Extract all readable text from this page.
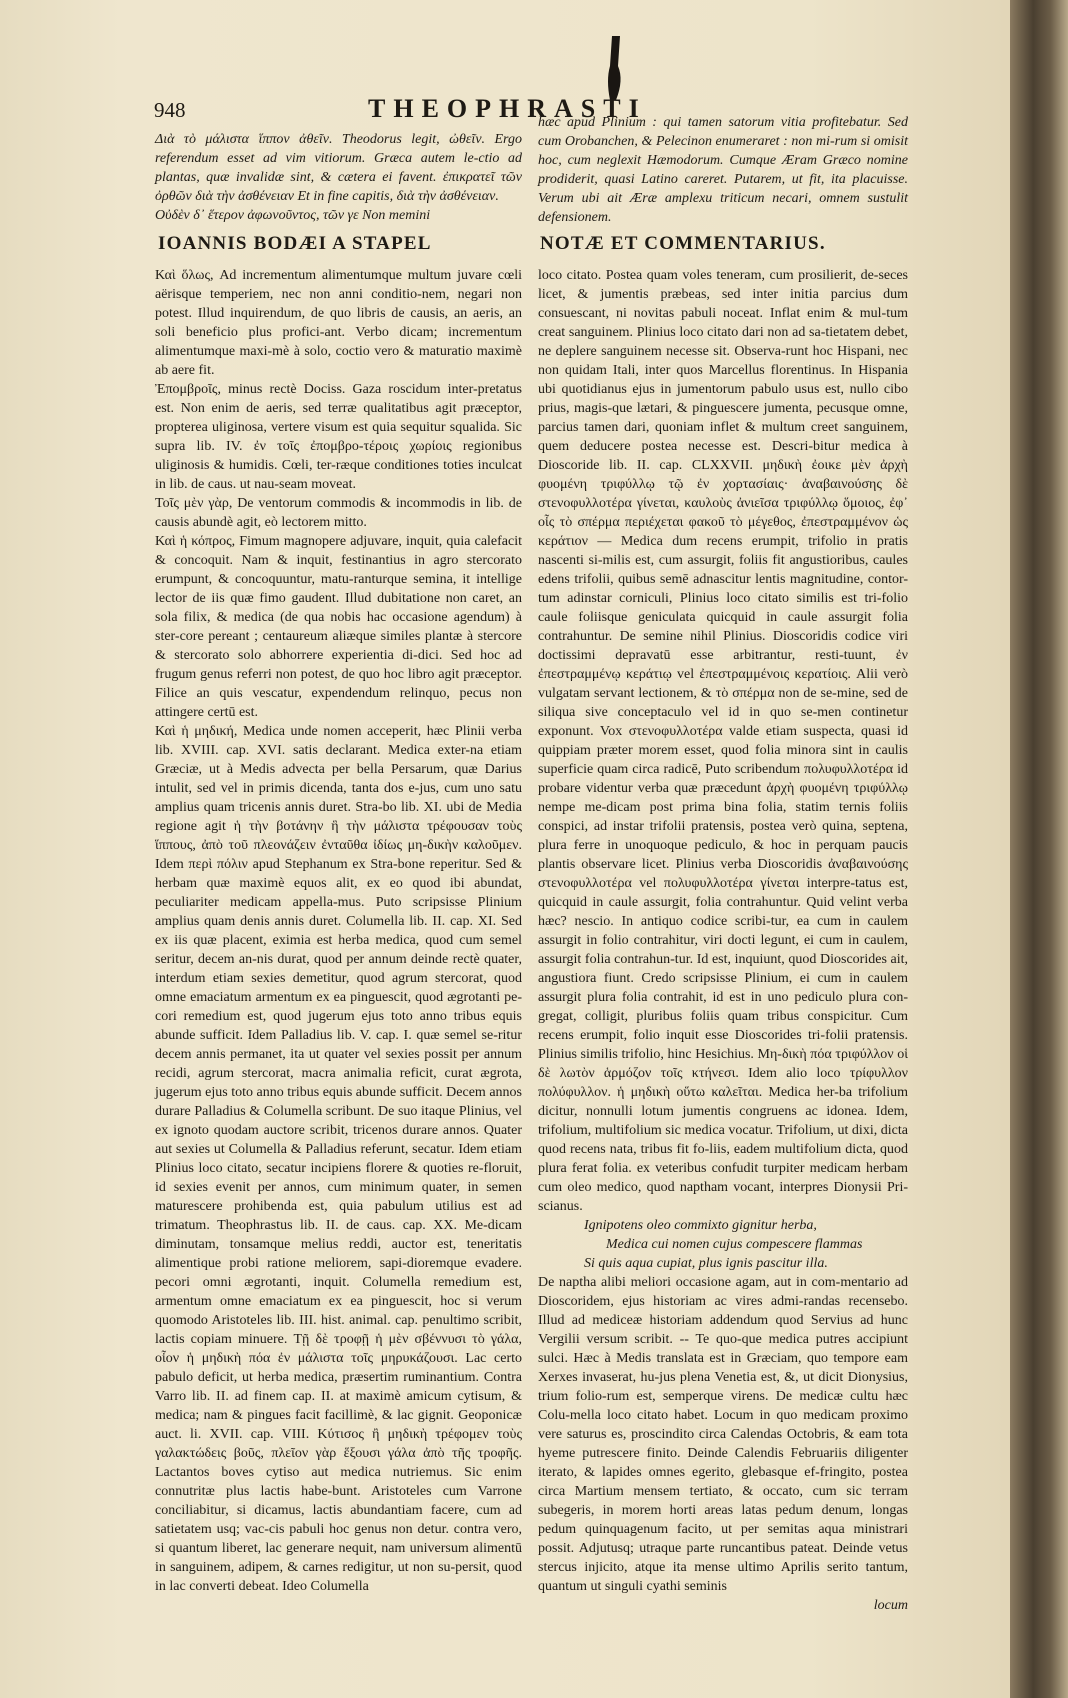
948	THEOPHRASTI

Διὰ τὸ μάλιστα ἵππον ἀθεῖν. Theodorus legit, ὠθεῖν. Ergo referendum esset ad vim vitiorum. Græca autem le-ctio ad plantas, quæ invalidæ sint, & cætera ei favent. ἐπικρατεῖ τῶν ὀρθῶν διὰ τὴν ἀσθένειαν Et in fine capitis, διὰ τὴν ἀσθένειαν.

Οὐδὲν δ᾽ ἕτερον ἀφωνοῦντος, τῶν γε Non memini

hæc apud Plinium : qui tamen satorum vitia profitebatur. Sed cum Orobanchen, & Pelecinon enumeraret : non mi-rum si omisit hoc, cum neglexit Hæmodorum. Cumque Æram Græco nomine prodiderit, quasi Latino careret. Putarem, ut fit, ita placuisse. Verum ubi ait Æræ amplexu triticum necari, omnem sustulit defensionem.

IOANNIS BODÆI A STAPEL	NOTÆ ET COMMENTARIUS.

Καὶ ὅλως, Ad incrementum alimentumque multum juvare cœli aërisque temperiem, nec non anni conditio-nem, negari non potest. Illud inquirendum, de quo libris de causis, an aeris, an soli beneficio plus profici-ant. Verbo dicam; incrementum alimentumque maxi-mè à solo, coctio vero & maturatio maximè ab aere fit.

Ἐπομβροῖς, minus rectè Dociss. Gaza roscidum inter-pretatus est. Non enim de aeris, sed terræ qualitatibus agit præceptor, propterea uliginosa, vertere visum est quia sequitur squalida. Sic supra lib. IV. ἐν τοῖς ἐπομβρο-τέροις χωρίοις regionibus uliginosis & humidis. Cœli, ter-ræque conditiones toties inculcat in lib. de caus. ut nau-seam moveat.

Τοῖς μὲν γὰρ, De ventorum commodis & incommodis in lib. de causis abundè agit, eò lectorem mitto.

Καὶ ἡ κόπρος, Fimum magnopere adjuvare, inquit, quia calefacit & concoquit. Nam & inquit, festinantius in agro stercorato erumpunt, & concoquuntur, matu-ranturque semina, it intellige lector de iis quæ fimo gaudent. Illud dubitatione non caret, an sola filix, & medica (de qua nobis hac occasione agendum) à ster-core pereant ; centaureum aliæque similes plantæ à stercore & stercorato solo abhorrere experientia di-dici. Sed hoc ad frugum genus referri non potest, de quo hoc libro agit præceptor. Filice an quis vescatur, expendendum relinquo, pecus non attingere certū est.

Καὶ ἡ μηδική, Medica unde nomen acceperit, hæc Plinii verba lib. XVIII. cap. XVI. satis declarant. Medica exter-na etiam Græciæ, ut à Medis advecta per bella Persarum, quæ Darius intulit, sed vel in primis dicenda, tanta dos e-jus, cum uno satu amplius quam tricenis annis duret. Stra-bo lib. XI. ubi de Media regione agit ἡ τὴν βοτάνην ἣ τὴν μάλιστα τρέφουσαν τοὺς ἵππους, ἀπὸ τοῦ πλεονάζειν ἐνταῦθα ἰδίως μη-δικὴν καλοῦμεν. Idem περὶ πόλιν apud Stephanum ex Stra-bone reperitur. Sed & herbam quæ maximè equos alit, ex eo quod ibi abundat, peculiariter medicam appella-mus. Puto scripsisse Plinium amplius quam denis annis duret. Columella lib. II. cap. XI. Sed ex iis quæ placent, eximia est herba medica, quod cum semel seritur, decem an-nis durat, quod per annum deinde rectè quater, interdum etiam sexies demetitur, quod agrum stercorat, quod omne emaciatum armentum ex ea pinguescit, quod ægrotanti pe-cori remedium est, quod jugerum ejus toto anno tribus equis abunde sufficit. Idem Palladius lib. V. cap. I. quæ semel se-ritur decem annis permanet, ita ut quater vel sexies possit per annum recidi, agrum stercorat, macra animalia reficit, curat ægrota, jugerum ejus toto anno tribus equis abunde sufficit. Decem annos durare Palladius & Columella scribunt. De suo itaque Plinius, vel ex ignoto quodam auctore scribit, tricenos durare annos. Quater aut sexies ut Columella & Palladius referunt, secatur. Idem etiam Plinius loco citato, secatur incipiens florere & quoties re-floruit, id sexies evenit per annos, cum minimum quater, in semen maturescere prohibenda est, quia pabulum utilius est ad trimatum. Theophrastus lib. II. de caus. cap. XX. Me-dicam diminutam, tonsamque melius reddi, auctor est, teneritatis alimentique probi ratione meliorem, sapi-dioremque evadere. pecori omni ægrotanti, inquit. Columella remedium est, armentum omne emaciatum ex ea pinguescit, hoc si verum quomodo Aristoteles lib. III. hist. animal. cap. penultimo scribit, lactis copiam minuere. Τῇ δὲ τροφῇ ἡ μὲν σβέννυσι τὸ γάλα, οἷον ἡ μηδικὴ πόα ἐν μάλιστα τοῖς μηρυκάζουσι. Lac certo pabulo deficit, ut herba medica, præsertim ruminantium. Contra Varro lib. II. ad finem cap. II. at maximè amicum cytisum, & medica; nam & pingues facit facillimè, & lac gignit. Geoponicæ auct. li. XVII. cap. VIII. Κύτισος ἢ μηδικὴ τρέφομεν τοὺς γαλακτώδεις βοῦς, πλεῖον γὰρ ἕξουσι γάλα ἀπὸ τῆς τροφῆς. Lactantos boves cytiso aut medica nutriemus. Sic enim connutritæ plus lactis habe-bunt. Aristoteles cum Varrone conciliabitur, si dicamus, lactis abundantiam facere, cum ad satietatem usq; vac-cis pabuli hoc genus non detur. contra vero, si quantum liberet, lac generare nequit, nam universum alimentū in sanguinem, adipem, & carnes redigitur, ut non su-persit, quod in lac converti debeat. Ideo Columella

loco citato. Postea quam voles teneram, cum prosilierit, de-seces licet, & jumentis præbeas, sed inter initia parcius dum consuescant, ni novitas pabuli noceat. Inflat enim & mul-tum creat sanguinem. Plinius loco citato dari non ad sa-tietatem debet, ne deplere sanguinem necesse sit. Observa-runt hoc Hispani, nec non quidam Itali, inter quos Marcellus florentinus. In Hispania ubi quotidianus ejus in jumentorum pabulo usus est, nullo cibo prius, magis-que lætari, & pinguescere jumenta, pecusque omne, parcius tamen dari, quoniam inflet & multum creet sanguinem, quem deducere postea necesse est. Descri-bitur medica à Dioscoride lib. II. cap. CLXXVII. μηδικὴ ἐοικε μὲν ἀρχὴ φυομένη τριφύλλῳ τῷ ἐν χορτασίαις· ἀναβαινούσης δὲ στενοφυλλοτέρα γίνεται, καυλοὺς ἀνιεῖσα τριφύλλῳ ὅμοιος, ἐφ᾽ οἷς τὸ σπέρμα περιέχεται φακοῦ τὸ μέγεθος, ἐπεστραμμένον ὡς κεράτιον — Medica dum recens erumpit, trifolio in pratis nascenti si-milis est, cum assurgit, foliis fit angustioribus, caules edens trifolii, quibus semē adnascitur lentis magnitudine, contor-tum adinstar corniculi, Plinius loco citato similis est tri-folio caule foliisque geniculata quicquid in caule assurgit folia contrahuntur. De semine nihil Plinius. Dioscoridis codice viri doctissimi depravatū esse arbitrantur, resti-tuunt, ἐν ἐπεστραμμένῳ κεράτιῳ vel ἐπεστραμμένοις κερατίοις. Alii verò vulgatam servant lectionem, & τὸ σπέρμα non de se-mine, sed de siliqua sive conceptaculo vel id in quo se-men continetur exponunt. Vox στενοφυλλοτέρα valde etiam suspecta, quasi id quippiam præter morem esset, quod folia minora sint in caulis superficie quam circa radicē, Puto scribendum πολυφυλλοτέρα id probare videntur verba quæ præcedunt ἀρχὴ φυομένη τριφύλλῳ nempe me-dicam post prima bina folia, statim ternis foliis conspici, ad instar trifolii pratensis, postea verò quina, septena, plura ferre in unoquoque pediculo, & hoc in perquam paucis plantis observare licet. Plinius verba Dioscoridis ἀναβαινούσης στενοφυλλοτέρα vel πολυφυλλοτέρα γίνεται interpre-tatus est, quicquid in caule assurgit, folia contrahuntur. Quid velint verba hæc? nescio. In antiquo codice scribi-tur, ea cum in caulem assurgit in folio contrahitur, viri docti legunt, ei cum in caulem, assurgit folia contrahun-tur. Id est, inquiunt, quod Dioscorides ait, angustiora fiunt. Credo scripsisse Plinium, ei cum in caulem assurgit plura folia contrahit, id est in uno pediculo plura con-gregat, colligit, pluribus foliis quam tribus conspicitur. Cum recens erumpit, folio inquit esse Dioscorides tri-folii pratensis. Plinius similis trifolio, hinc Hesichius. Μη-δικὴ πόα τριφύλλον οἱ δὲ λωτὸν ἁρμόζον τοῖς κτήνεσι. Idem alio loco τρίφυλλον πολύφυλλον. ἡ μηδικὴ οὕτω καλεῖται. Medica her-ba trifolium dicitur, nonnulli lotum jumentis congruens ac idonea. Idem, trifolium, multifolium sic medica vocatur. Trifolium, ut dixi, dicta quod recens nata, tribus fit fo-liis, eadem multifolium dicta, quod plura ferat folia. ex veteribus confudit turpiter medicam herbam cum oleo medico, quod naptham vocant, interpres Dionysii Pri-scianus.

Ignipotens oleo commixto gignitur herba,
Medica cui nomen cujus compescere flammas
Si quis aqua cupiat, plus ignis pascitur illa.

De naptha alibi meliori occasione agam, aut in com-mentario ad Dioscoridem, ejus historiam ac vires admi-randas recensebo. Illud ad mediceæ historiam addendum quod Servius ad hunc Vergilii versum scribit. -- Te quo-que medica putres accipiunt sulci. Hæc à Medis translata est in Græciam, quo tempore eam Xerxes invaserat, hu-jus plena Venetia est, &, ut dicit Dionysius, trium folio-rum est, semperque virens. De medicæ cultu hæc Colu-mella loco citato habet. Locum in quo medicam proximo vere saturus es, proscindito circa Calendas Octobris, & eam tota hyeme putrescere finito. Deinde Calendis Februariis diligenter iterato, & lapides omnes egerito, glebasque ef-fringito, postea circa Martium mensem tertiato, & occato, cum sic terram subegeris, in morem horti areas latas pedum denum, longas pedum quinquagenum facito, ut per semitas aqua ministrari possit. Adjutusq; utraque parte runcantibus pateat. Deinde vetus stercus injicito, atque ita mense ultimo Aprilis serito tantum, quantum ut singuli cyathi seminis

locum
